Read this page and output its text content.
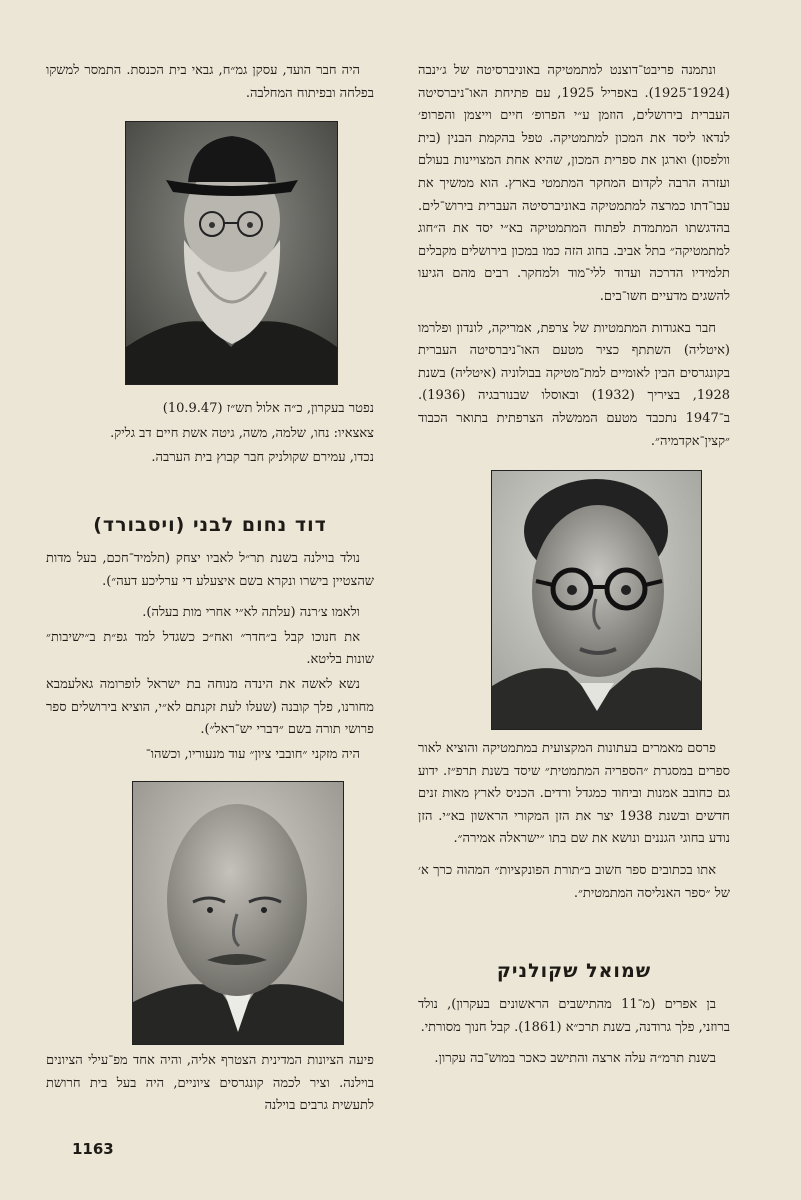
ונתמנה פריבט־דוצנט למתמטיקה באוניברסיטה של ג׳ינבה (1924־1925). באפריל 1925, עם פתיחת האו־ניברסיטה העברית בירושלים, הוזמן ע״י הפרופ׳ חיים וייצמן והפרופ׳ לנדאו ליסד את המכון למתמטיקה. טפל בהקמת הבנין (בית וולפסון) וארגן את ספרית המכון, שהיא אחת המצויינות בעולם ועזרה הרבה לקדום המחקר המתמטי בארץ. הוא ממשיך את עבו־דתו כמרצה למתמטיקה באוניברסיטה העברית בירוש־לים. בהדגשתו המתמדת לפתוח המתמטיקה בא״י יסד את ה״חוג למתמטיקה״ בתל אביב. בחוג הזה כמו במכון בירושלים מקבלים תלמידיו הדרכה ועדוד ללי־מוד ולמחקר. רבים מהם הגיעו להשגים מדעיים חשו־בים.

חבר באגודות המתמטיות של צרפת, אמריקה, לונדון ופלרמו (איטליה) השתתף כציר מטעם האו־ניברסיטה העברית בקונגרסים הבין לאומיים למת־מטיקה בבולוניה (איטליה) בשנת 1928, בציריך (1932) ובאוסלו שבנורבגיה (1936). ב־1947 נתכבד מטעם הממשלה הצרפתית בתואר הכבוד ״קצין־אקדמיה״.

פרסם מאמרים בעתונות המקצועית במתמטיקה והוציא לאור ספרים במסגרת ״הספריה המתמטית״ שיסד בשנת תרפ״ז. ידוע גם כחובב אמנות וביחוד כמגדל ורדים. הכניס לארץ מאות זנים חדשים ובשנת 1938 יצר את הזן המקורי הראשון בא״י. הזן נודע בחוגי הגננים ונושא את שם בתו ״ישראלה אמירה״.

אתו בכתובים ספר חשוב ב״תורת הפונקציות״ המהוה כרך א׳ של ״ספר האנליסה המתמטית״.

שמואל שקולניק

בן אפרים (מ־11 מהתישבים הראשונים בעקרון), נולד ברוזני, פלך גרודנה, בשנת תרכ״א (1861). קבל חנוך מסורתי.

בשנת תרמ״ה עלה ארצה והתישב כאכר במוש־בה עקרון.

היה חבר הועד, עסקן גמ״ח, גבאי בית הכנסת. התמסר למשקו בפלחה ובפיתוח המחלבה.

נפטר בעקרון, כ״ה אלול תש״ז (10.9.47)

צאצאיו: נחו, שלמה, משה, גיטה אשת חיים דב גליק.

נכדו, עמירם שקולניק חבר קבוץ בית הערבה.

דוד נחום לבני (ויסבורד)

נולד בוילנה בשנת תר״ל לאביו יצחק (תלמיד־חכם, בעל מדות שהצטיין בישרו ונקרא בשם איצעלע די ערליכע דעה״).

ולאמו צ׳רנה (עלתה לא״י אחרי מות בעלה).

את חנוכו קבל ב״חדר״ ואח״כ כשגדל למד גפ״ת ב״ישיבות״ שונות בליטא.

נשא לאשה את הינדה מנוחה בת ישראל לופרומה גאלעמבא מחורנו, פלך קובנה (שעלו לעת זקנתם לא״י, הוציא בירושלים ספר פרושי תורה בשם ״דברי יש־ראל״).

היה מזקני ״חובבי ציון״ עוד מנעוריו, וכשהו־

פיעה הציונות המדינית הצטרף אליה, והיה אחד מפ־עילי הציונים בוילנה. וציר לכמה קונגרסים ציוניים, היה בעל בית חרושת לתעשית גרבים בוילנה

1163
